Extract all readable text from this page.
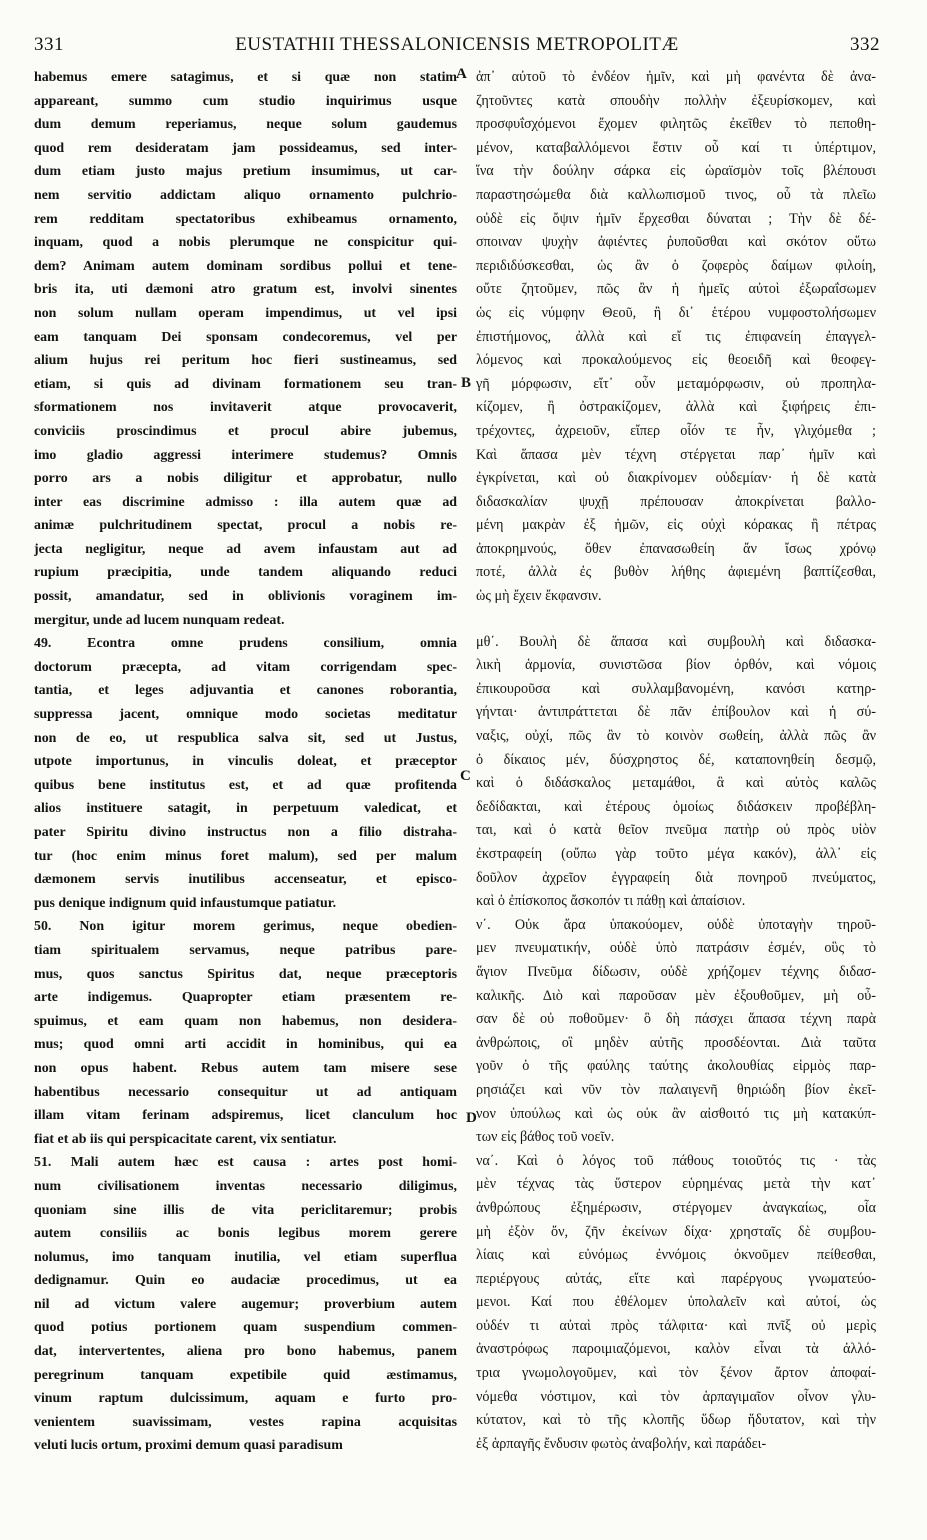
331	EUSTATHII THESSALONICENSIS METROPOLITÆ	332
habemus emere satagimus, et si quæ non statim
appareant, summo cum studio inquirimus usque
dum demum reperiamus, neque solum gaudemus
quod rem desideratam jam possideamus, sed inter-
dum etiam justo majus pretium insumimus, ut car-
nem servitio addictam aliquo ornamento pulchrio-
rem redditam spectatoribus exhibeamus ornamento,
inquam, quod a nobis plerumque ne conspicitur qui-
dem? Animam autem dominam sordibus pollui et tene-
bris ita, uti dæmoni atro gratum est, involvi sinentes
non solum nullam operam impendimus, ut vel ipsi
eam tanquam Dei sponsam condecoremus, vel per
alium hujus rei peritum hoc fieri sustineamus, sed
etiam, si quis ad divinam formationem seu tran-
sformationem nos invitaverit atque provocaverit,
conviciis proscindimus et procul abire jubemus,
imo gladio aggressi interimere studemus? Omnis
porro ars a nobis diligitur et approbatur, nullo
inter eas discrimine admisso : illa autem quæ ad
animæ pulchritudinem spectat, procul a nobis re-
jecta negligitur, neque ad avem infaustam aut ad
rupium præcipitia, unde tandem aliquando reduci
possit, amandatur, sed in oblivionis voraginem im-
mergitur, unde ad lucem nunquam redeat.
49. Econtra omne prudens consilium, omnia
doctorum præcepta, ad vitam corrigendam spec-
tantia, et leges adjuvantia et canones roborantia,
suppressa jacent, omnique modo societas meditatur
non de eo, ut respublica salva sit, sed ut Justus,
utpote importunus, in vinculis doleat, et præceptor
quibus bene institutus est, et ad quæ profitenda
alios instituere satagit, in perpetuum valedicat, et
pater Spiritu divino instructus non a filio distraha-
tur (hoc enim minus foret malum), sed per malum
dæmonem servis inutilibus accenseatur, et episco-
pus denique indignum quid infaustumque patiatur.
50. Non igitur morem gerimus, neque obedien-
tiam spiritualem servamus, neque patribus pare-
mus, quos sanctus Spiritus dat, neque præceptoris
arte indigemus. Quapropter etiam præsentem re-
spuimus, et eam quam non habemus, non desidera-
mus; quod omni arti accidit in hominibus, qui ea
non opus habent. Rebus autem tam misere sese
habentibus necessario consequitur ut ad antiquam
illam vitam ferinam adspiremus, licet clanculum hoc
fiat et ab iis qui perspicacitate carent, vix sentiatur.
51. Mali autem hæc est causa : artes post homi-
num civilisationem inventas necessario diligimus,
quoniam sine illis de vita periclitaremur; probis
autem consiliis ac bonis legibus morem gerere
nolumus, imo tanquam inutilia, vel etiam superflua
dedignamur. Quin eo audaciæ procedimus, ut ea
nil ad victum valere augemur; proverbium autem
quod potius portionem quam suspendium commen-
dat, intervertentes, aliena pro bono habemus, panem
peregrinum tanquam expetibile quid æstimamus,
vinum raptum dulcissimum, aquam e furto pro-
venientem suavissimam, vestes rapina acquisitas
veluti lucis ortum, proximi demum quasi paradisum
ἀπ᾿ αὐτοῦ τὸ ἐνδέον ἡμῖν, καὶ μὴ φανέντα δὲ ἀνα-
ζητοῦντες κατὰ σπουδὴν πολλὴν ἐξευρίσκομεν, καὶ
προσφυΐσχόμενοι ἔχομεν φιλητῶς ἐκεῖθεν τὸ πεποθη-
μένον, καταβαλλόμενοι ἔστιν οὗ καί τι ὑπέρτιμον,
ἵνα τὴν δούλην σάρκα εἰς ὡραϊσμὸν τοῖς βλέπουσι
παραστησώμεθα διὰ καλλωπισμοῦ τινος, οὗ τὰ πλεῖω
οὐδὲ εἰς ὄψιν ἡμῖν ἔρχεσθαι δύναται ; Τὴν δὲ δέ-
σποιναν ψυχὴν ἀφιέντες ῥυποῦσθαι καὶ σκότον οὕτω
περιδιδύσκεσθαι, ὡς ἂν ὁ ζοφερὸς δαίμων φιλοίη,
οὔτε ζητοῦμεν, πῶς ἂν ἡ ἡμεῖς αὐτοὶ ἐξωραΐσωμεν
ὡς εἰς νύμφην Θεοῦ, ἢ δι᾿ ἑτέρου νυμφοστολήσωμεν
ἐπιστήμονος, ἀλλὰ καὶ εἴ τις ἐπιφανείη ἐπαγγελ-
λόμενος καὶ προκαλούμενος εἰς θεοειδῆ καὶ θεοφεγ-
γῆ μόρφωσιν, εἴτ᾿ οὖν μεταμόρφωσιν, οὐ προπηλα-
κίζομεν, ἢ ὀστρακίζομεν, ἀλλὰ καὶ ξιφήρεις ἐπι-
τρέχοντες, ἀχρειοῦν, εἴπερ οἷόν τε ἦν, γλιχόμεθα ;
Καὶ ἅπασα μὲν τέχνη στέργεται παρ᾿ ἡμῖν καὶ
ἐγκρίνεται, καὶ οὐ διακρίνομεν οὐδεμίαν· ἡ δὲ κατὰ
διδασκαλίαν ψυχῇ πρέπουσαν ἀποκρίνεται βαλλο-
μένη μακρὰν ἐξ ἡμῶν, εἰς οὐχὶ κόρακας ἢ πέτρας
ἀποκρημνούς, ὅθεν ἐπανασωθείη ἄν ἴσως χρόνῳ
ποτέ, ἀλλὰ ἐς βυθὸν λήθης ἀφιεμένη βαπτίζεσθαι,
ὡς μὴ ἔχειν ἔκφανσιν.
μθ΄. Βουλὴ δὲ ἅπασα καὶ συμβουλὴ καὶ διδασκα-
λικὴ ἁρμονία, συνιστῶσα βίον ὀρθόν, καὶ νόμοις
ἐπικουροῦσα καὶ συλλαμβανομένη, κανόσι κατηρ-
γήνται· ἀντιπράττεται δὲ πᾶν ἐπίβουλον καὶ ἡ σύ-
ναξις, οὐχί, πῶς ἂν τὸ κοινὸν σωθείη, ἀλλὰ πῶς ἂν
ὁ δίκαιος μέν, δύσχρηστος δέ, καταπονηθείη δεσμῷ,
καὶ ὁ διδάσκαλος μεταμάθοι, ἃ καὶ αὐτὸς καλῶς
δεδίδακται, καὶ ἑτέρους ὁμοίως διδάσκειν προβέβλη-
ται, καὶ ὁ κατὰ θεῖον πνεῦμα πατὴρ οὐ πρὸς υἱὸν
ἐκστραφείη (οὔπω γὰρ τοῦτο μέγα κακόν), ἀλλ᾿ εἰς
δοῦλον ἀχρεῖον ἐγγραφείη διὰ πονηροῦ πνεύματος,
καὶ ὁ ἐπίσκοπος ἄσκοπόν τι πάθῃ καὶ ἀπαίσιον.
ν΄. Οὐκ ἄρα ὑπακούομεν, οὐδὲ ὑποταγὴν τηροῦ-
μεν πνευματικήν, οὐδὲ ὑπὸ πατράσιν ἐσμέν, οὓς τὸ
ἅγιον Πνεῦμα δίδωσιν, οὐδὲ χρήζομεν τέχνης διδασ-
καλικῆς. Διὸ καὶ παροῦσαν μὲν ἐξουθοῦμεν, μὴ οὖ-
σαν δὲ οὐ ποθοῦμεν· ὃ δὴ πάσχει ἅπασα τέχνη παρὰ
ἀνθρώποις, οἳ μηδὲν αὐτῆς προσδέονται. Διὰ ταῦτα
γοῦν ὁ τῆς φαύλης ταύτης ἀκολουθίας εἱρμὸς παρ-
ρησιάζει καὶ νῦν τὸν παλαιγενῆ θηριώδη βίον ἐκεῖ-
νον ὑπούλως καὶ ὡς οὐκ ἂν αἰσθοιτό τις μὴ κατακύπ-
των εἰς βάθος τοῦ νοεῖν.
να΄. Καὶ ὁ λόγος τοῦ πάθους τοιοῦτός τις · τὰς
μὲν τέχνας τὰς ὕστερον εὑρημένας μετὰ τὴν κατ᾿
ἀνθρώπους ἐξημέρωσιν, στέργομεν ἀναγκαίως, οἷα
μὴ ἐξὸν ὄν, ζῆν ἐκείνων δίχα· χρησταῖς δὲ συμβου-
λίαις καὶ εὐνόμως ἐννόμοις ὀκνοῦμεν πείθεσθαι,
περιέργους αὐτάς, εἴτε καὶ παρέργους γνωματεύο-
μενοι. Καί που ἐθέλομεν ὑπολαλεῖν καὶ αὐτοί, ὡς
οὐδέν τι αὐταὶ πρὸς τάλφιτα· καὶ πνῖξ οὐ μερὶς
ἀναστρόφως παροιμιαζόμενοι, καλὸν εἶναι τὰ ἀλλό-
τρια γνωμολογοῦμεν, καὶ τὸν ξένον ἄρτον ἀποφαί-
νόμεθα νόστιμον, καὶ τὸν ἁρπαγιμαῖον οἶνον γλυ-
κύτατον, καὶ τὸ τῆς κλοπῆς ὕδωρ ἥδυτατον, καὶ τὴν
ἐξ ἁρπαγῆς ἔνδυσιν φωτὸς ἀναβολήν, καὶ παράδει-
A
B
C
D
